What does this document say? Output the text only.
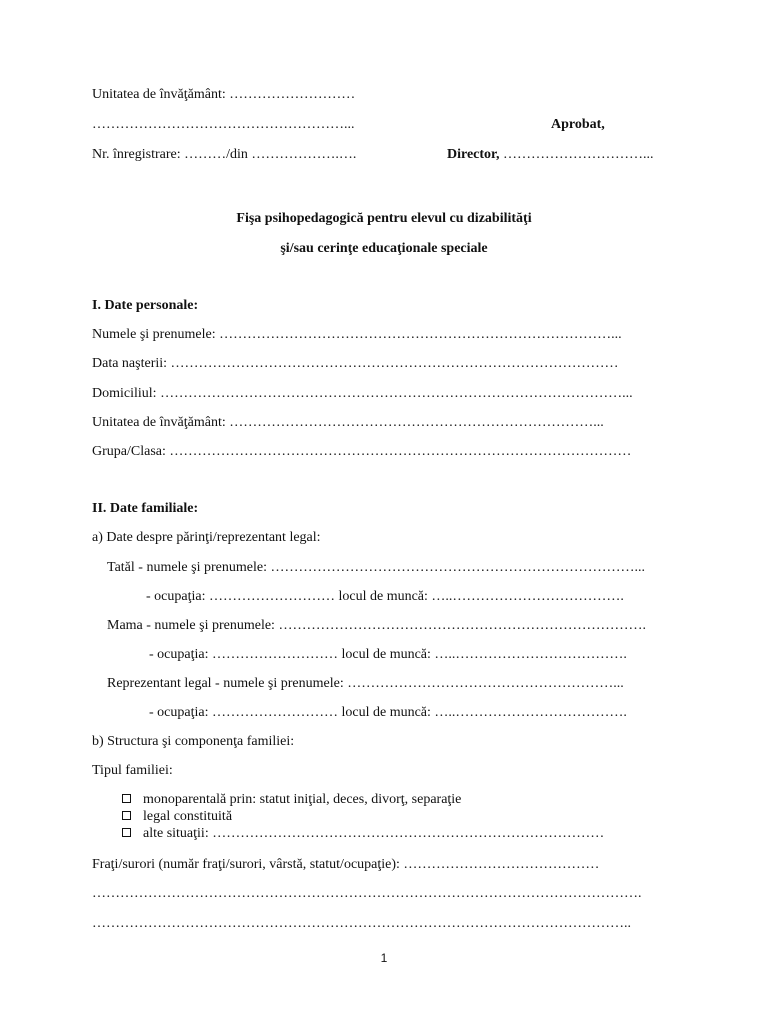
Unitatea de învăţământ: ………………………
………………………………………………...	Aprobat,
Nr. înregistrare: ………/din ……………….….	Director, …………………………...
Fişa psihopedagogică pentru elevul cu dizabilităţi
şi/sau cerinţe educaţionale speciale
I. Date personale:
Numele şi prenumele: …………………………………………………………………………...
Data naşterii: ……………………………………………………………………………………
Domiciliul: ………………………………………………………………………………………...
Unitatea de învăţământ: ……………………………………………………………………...
Grupa/Clasa: ………………………………………………………………………………………
II. Date familiale:
a) Date despre părinţi/reprezentant legal:
Tatăl - numele şi prenumele: ……………………………………………………………………...
- ocupaţia: ……………………… locul de muncă: …..……………………………….
Mama - numele şi prenumele: …………………………………………………………………….
- ocupaţia: ……………………… locul de muncă: …..……………………………….
Reprezentant legal - numele şi prenumele: …………………………………………………...
- ocupaţia: ……………………… locul de muncă: …..……………………………….
b) Structura şi componenţa familiei:
Tipul familiei:
monoparentală prin: statut iniţial, deces, divorţ, separaţie
legal constituită
alte situaţii: …………………………………………………………………………
Fraţi/surori (număr fraţi/surori, vârstă, statut/ocupaţie): ……………………………………
……………………………………………………………………………………………………….
……………………………………………………………………………………………………..
1
